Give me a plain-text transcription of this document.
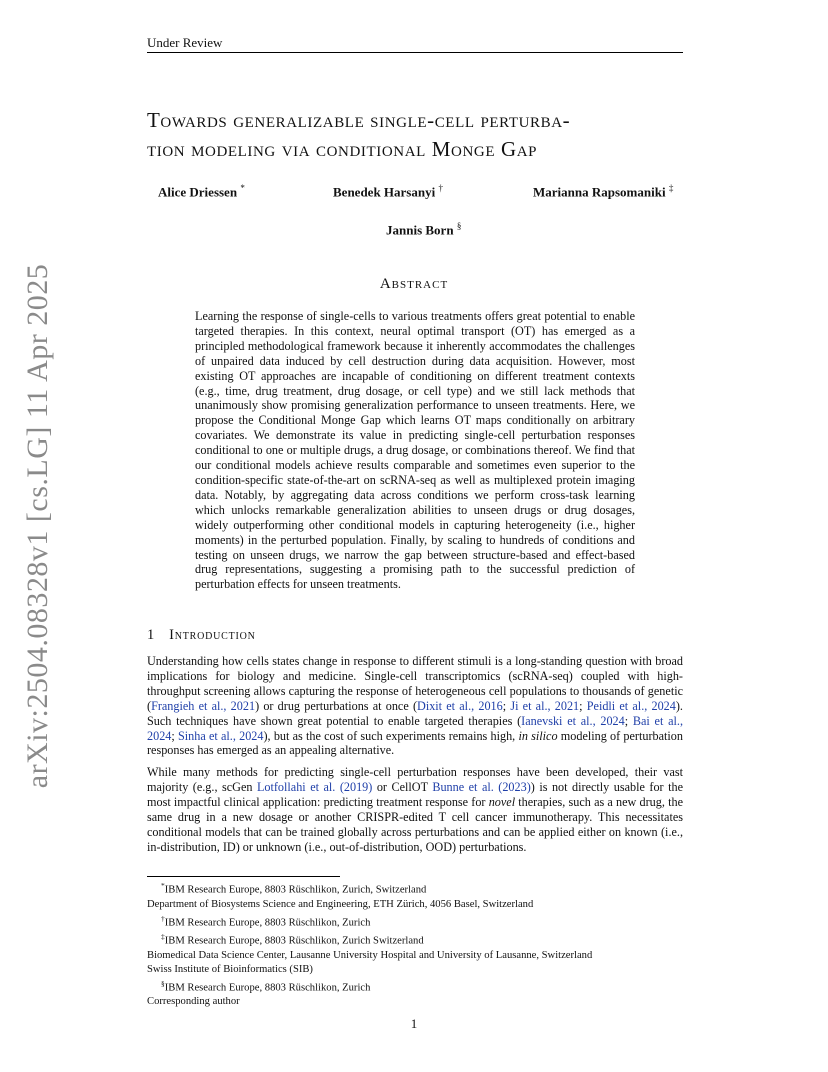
Under Review
arXiv:2504.08328v1 [cs.LG] 11 Apr 2025
Towards generalizable single-cell perturba-
tion modeling via conditional Monge Gap
Alice Driessen *	Benedek Harsanyi †	Marianna Rapsomaniki ‡
Jannis Born §
Abstract
Learning the response of single-cells to various treatments offers great potential to enable targeted therapies. In this context, neural optimal transport (OT) has emerged as a principled methodological framework because it inherently accommodates the challenges of unpaired data induced by cell destruction during data acquisition. However, most existing OT approaches are incapable of conditioning on different treatment contexts (e.g., time, drug treatment, drug dosage, or cell type) and we still lack methods that unanimously show promising generalization performance to unseen treatments. Here, we propose the Conditional Monge Gap which learns OT maps conditionally on arbitrary covariates. We demonstrate its value in predicting single-cell perturbation responses conditional to one or multiple drugs, a drug dosage, or combinations thereof. We find that our conditional models achieve results comparable and sometimes even superior to the condition-specific state-of-the-art on scRNA-seq as well as multiplexed protein imaging data. Notably, by aggregating data across conditions we perform cross-task learning which unlocks remarkable generalization abilities to unseen drugs or drug dosages, widely outperforming other conditional models in capturing heterogeneity (i.e., higher moments) in the perturbed population. Finally, by scaling to hundreds of conditions and testing on unseen drugs, we narrow the gap between structure-based and effect-based drug representations, suggesting a promising path to the successful prediction of perturbation effects for unseen treatments.
1 Introduction
Understanding how cells states change in response to different stimuli is a long-standing question with broad implications for biology and medicine. Single-cell transcriptomics (scRNA-seq) coupled with high-throughput screening allows capturing the response of heterogeneous cell populations to thousands of genetic (Frangieh et al., 2021) or drug perturbations at once (Dixit et al., 2016; Ji et al., 2021; Peidli et al., 2024). Such techniques have shown great potential to enable targeted therapies (Ianevski et al., 2024; Bai et al., 2024; Sinha et al., 2024), but as the cost of such experiments remains high, in silico modeling of perturbation responses has emerged as an appealing alternative.
While many methods for predicting single-cell perturbation responses have been developed, their vast majority (e.g., scGen Lotfollahi et al. (2019) or CellOT Bunne et al. (2023)) is not directly usable for the most impactful clinical application: predicting treatment response for novel therapies, such as a new drug, the same drug in a new dosage or another CRISPR-edited T cell cancer immunotherapy. This necessitates conditional models that can be trained globally across perturbations and can be applied either on known (i.e., in-distribution, ID) or unknown (i.e., out-of-distribution, OOD) perturbations.
*IBM Research Europe, 8803 Rüschlikon, Zurich, Switzerland
Department of Biosystems Science and Engineering, ETH Zürich, 4056 Basel, Switzerland
†IBM Research Europe, 8803 Rüschlikon, Zurich
‡IBM Research Europe, 8803 Rüschlikon, Zurich Switzerland
Biomedical Data Science Center, Lausanne University Hospital and University of Lausanne, Switzerland
Swiss Institute of Bioinformatics (SIB)
§IBM Research Europe, 8803 Rüschlikon, Zurich
Corresponding author
1
